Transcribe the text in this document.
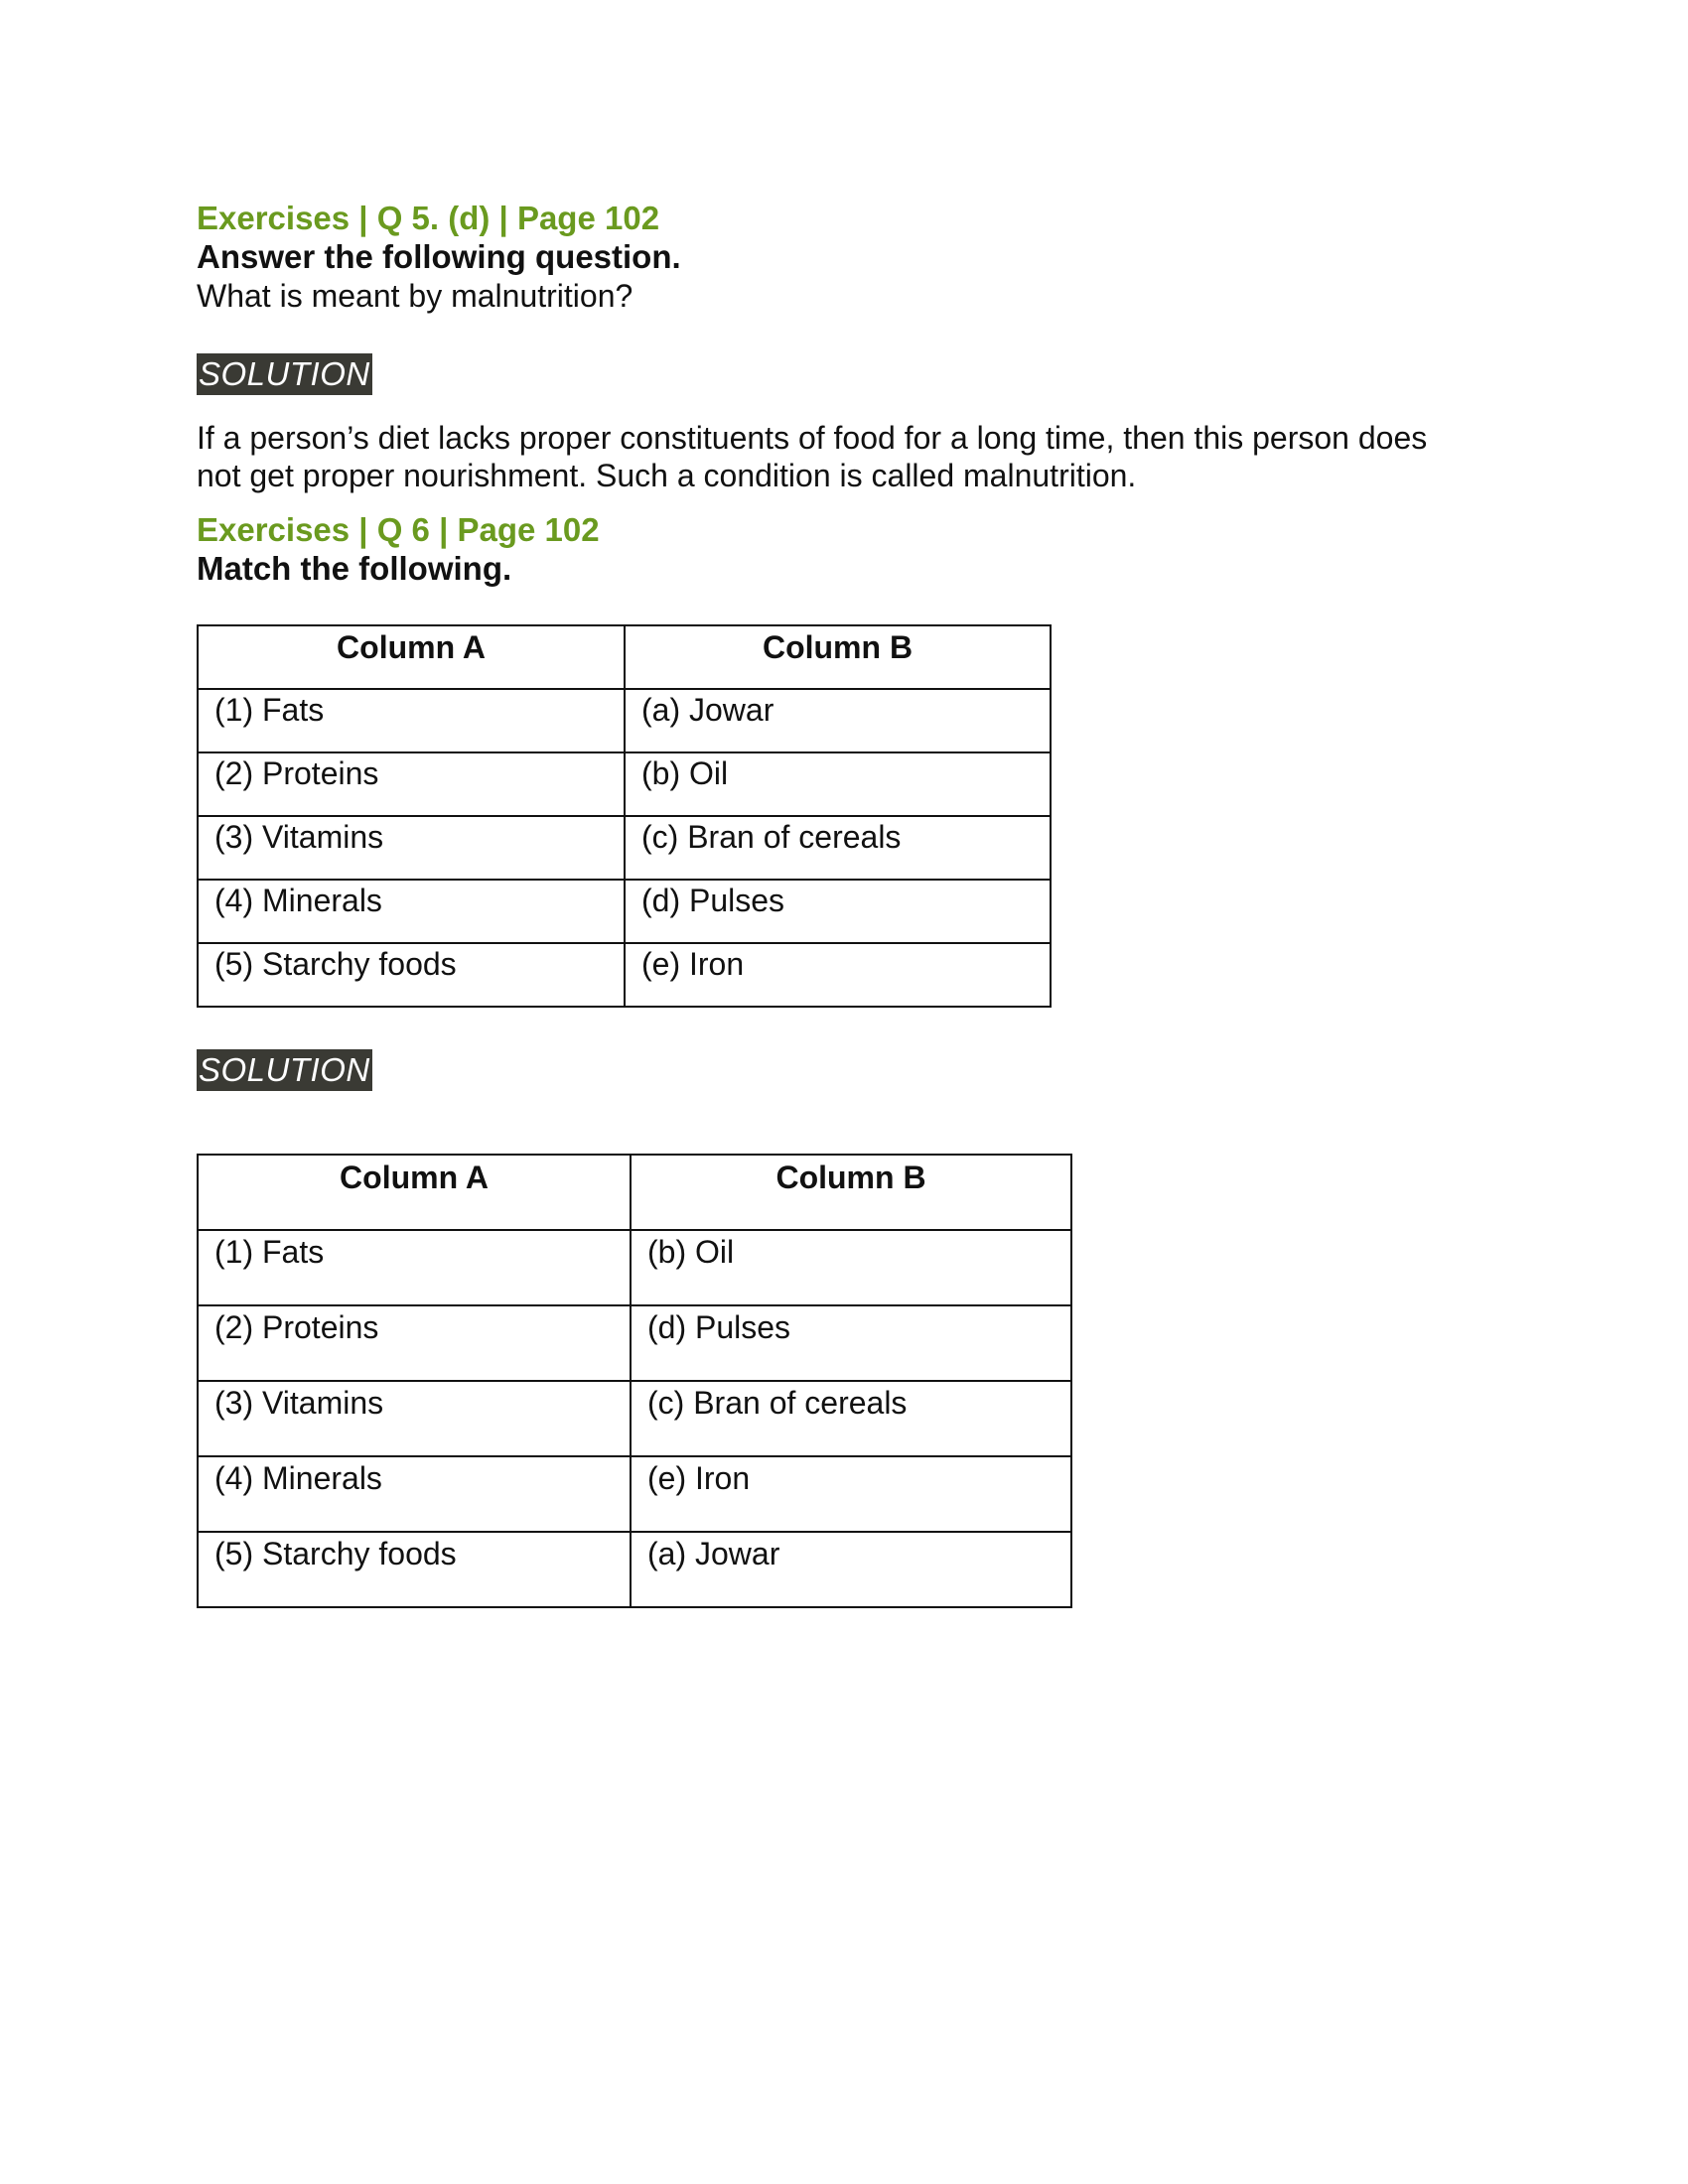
Exercises | Q 5. (d) | Page 102

Answer the following question.

What is meant by malnutrition?

SOLUTION

If a person’s diet lacks proper constituents of food for a long time, then this person does

not get proper nourishment. Such a condition is called malnutrition.

Exercises | Q 6 | Page 102

Match the following.

Column A	Column B
(1) Fats	(a) Jowar
(2) Proteins	(b) Oil
(3) Vitamins	(c) Bran of cereals
(4) Minerals	(d) Pulses
(5) Starchy foods	(e) Iron
SOLUTION
Column A	Column B
(1) Fats	(b) Oil
(2) Proteins	(d) Pulses
(3) Vitamins	(c) Bran of cereals
(4) Minerals	(e) Iron
(5) Starchy foods	(a) Jowar
